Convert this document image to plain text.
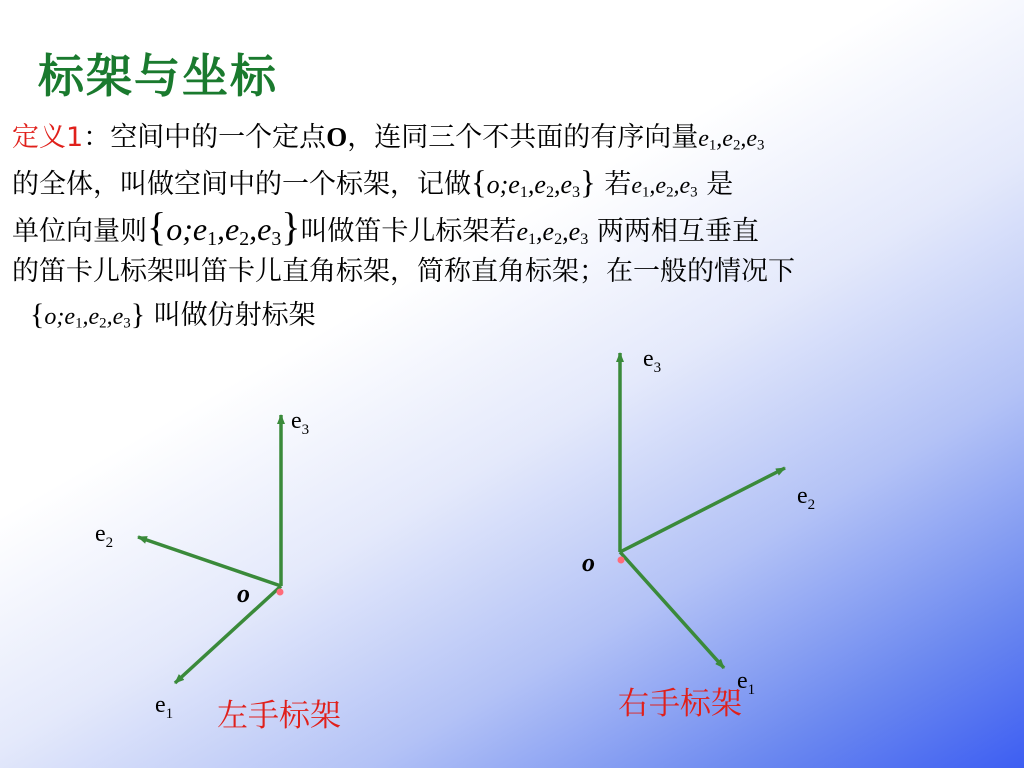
标架与坐标
定义1：空间中的一个定点O，连同三个不共面的有序向量$e_1,e_2,e_3$
的全体，叫做空间中的一个标架，记做$\{o;e_1,e_2,e_3\}$ 若$e_1,e_2,e_3$ 是
单位向量则$\{o;e_1,e_2,e_3\}$叫做笛卡儿标架若$e_1,e_2,e_3$ 两两相互垂直
的笛卡儿标架叫笛卡儿直角标架，简称直角标架；在一般的情况下
$\{o;e_1,e_2,e_3\}$ 叫做仿射标架
$e_3$
$e_2$
$e_1$
o
左手标架
$e_3$
$e_2$
$e_1$
o
右手标架
